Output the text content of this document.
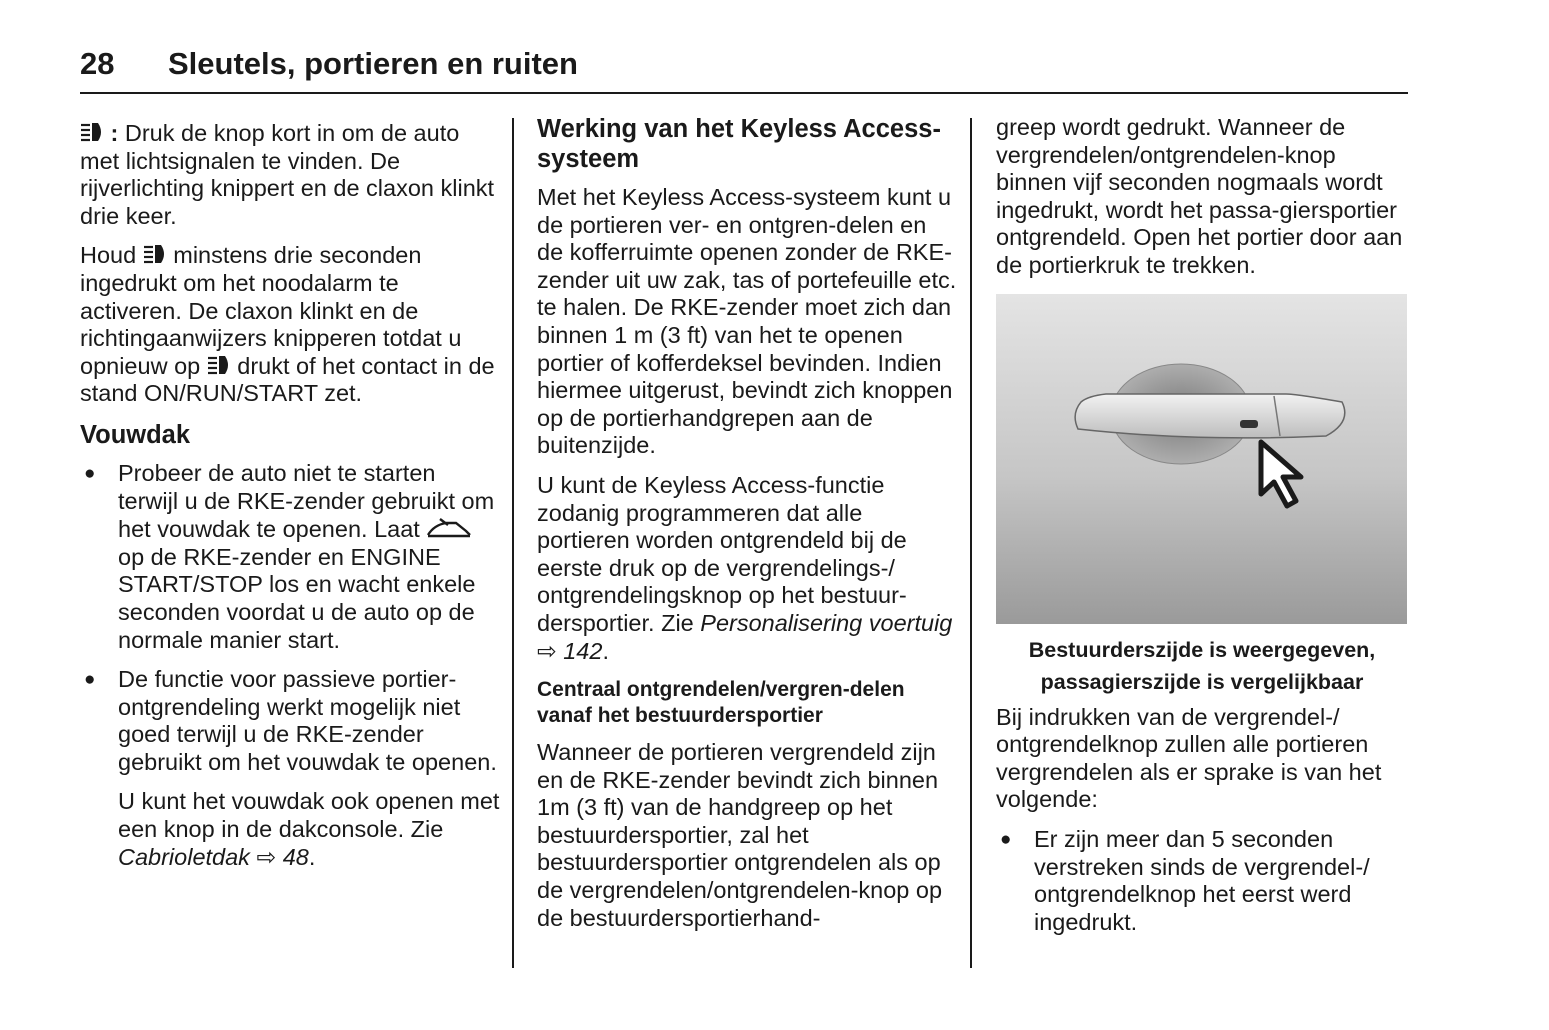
28 Sleutels, portieren en ruiten

: Druk de knop kort in om de auto met lichtsignalen te vinden. De rijverlichting knippert en de claxon klinkt drie keer.

Houd  minstens drie seconden ingedrukt om het noodalarm te activeren. De claxon klinkt en de richtingaanwijzers knipperen totdat u opnieuw op  drukt of het contact in de stand ON/RUN/START zet.

Vouwdak
● Probeer de auto niet te starten terwijl u de RKE-zender gebruikt om het vouwdak te openen. Laat  op de RKE-zender en ENGINE START/STOP los en wacht enkele seconden voordat u de auto op de normale manier start.
● De functie voor passieve portier-ontgrendeling werkt mogelijk niet goed terwijl u de RKE-zender gebruikt om het vouwdak te openen.
U kunt het vouwdak ook openen met een knop in de dakconsole. Zie Cabrioletdak ⇨ 48.
Werking van het Keyless Access-systeem

Met het Keyless Access-systeem kunt u de portieren ver- en ontgren-delen en de kofferruimte openen zonder de RKE-zender uit uw zak, tas of portefeuille etc. te halen. De RKE-zender moet zich dan binnen 1 m (3 ft) van het te openen portier of kofferdeksel bevinden. Indien hiermee uitgerust, bevindt zich knoppen op de portierhandgrepen aan de buitenzijde.

U kunt de Keyless Access-functie zodanig programmeren dat alle portieren worden ontgrendeld bij de eerste druk op de vergrendelings-/ ontgrendelingsknop op het bestuur-dersportier. Zie Personalisering voertuig ⇨ 142.

Centraal ontgrendelen/vergren-delen vanaf het bestuurdersportier

Wanneer de portieren vergrendeld zijn en de RKE-zender bevindt zich binnen 1m (3 ft) van de handgreep op het bestuurdersportier, zal het bestuurdersportier ontgrendelen als op de vergrendelen/ontgrendelen-knop op de bestuurdersportierhand-

greep wordt gedrukt. Wanneer de vergrendelen/ontgrendelen-knop binnen vijf seconden nogmaals wordt ingedrukt, wordt het passa-giersportier ontgrendeld. Open het portier door aan de portierkruk te trekken.

Bestuurderszijde is weergegeven, passagierszijde is vergelijkbaar

Bij indrukken van de vergrendel-/ ontgrendelknop zullen alle portieren vergrendelen als er sprake is van het volgende:

● Er zijn meer dan 5 seconden verstreken sinds de vergrendel-/ ontgrendelknop het eerst werd ingedrukt.
